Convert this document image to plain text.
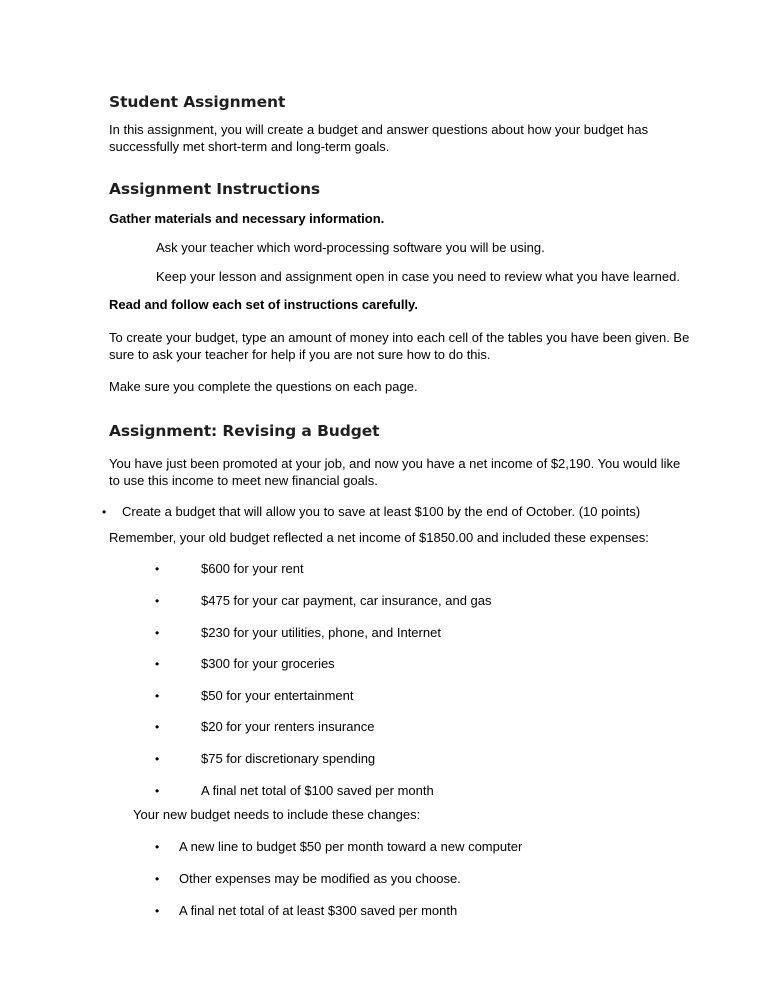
Student Assignment
In this assignment, you will create a budget and answer questions about how your budget has
successfully met short-term and long-term goals.
Assignment Instructions
Gather materials and necessary information.
Ask your teacher which word-processing software you will be using.
Keep your lesson and assignment open in case you need to review what you have learned.
Read and follow each set of instructions carefully.
To create your budget, type an amount of money into each cell of the tables you have been given. Be
sure to ask your teacher for help if you are not sure how to do this.
Make sure you complete the questions on each page.
Assignment: Revising a Budget
You have just been promoted at your job, and now you have a net income of $2,190. You would like
to use this income to meet new financial goals.
• Create a budget that will allow you to save at least $100 by the end of October. (10 points)
Remember, your old budget reflected a net income of $1850.00 and included these expenses:
•	$600 for your rent
•	$475 for your car payment, car insurance, and gas
•	$230 for your utilities, phone, and Internet
•	$300 for your groceries
•	$50 for your entertainment
•	$20 for your renters insurance
•	$75 for discretionary spending
•	A final net total of $100 saved per month
Your new budget needs to include these changes:
• A new line to budget $50 per month toward a new computer
• Other expenses may be modified as you choose.
• A final net total of at least $300 saved per month
